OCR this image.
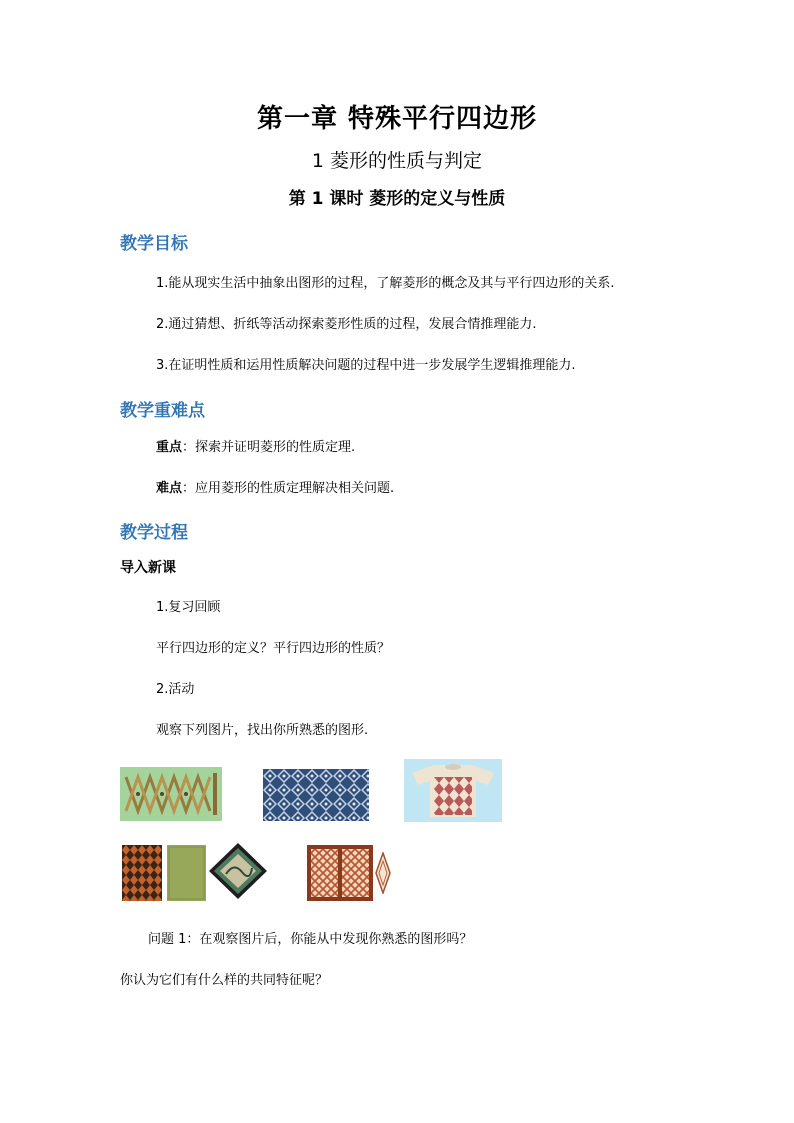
第一章 特殊平行四边形
1 菱形的性质与判定
第 1 课时 菱形的定义与性质
教学目标
1.能从现实生活中抽象出图形的过程，了解菱形的概念及其与平行四边形的关系.
2.通过猜想、折纸等活动探索菱形性质的过程，发展合情推理能力.
3.在证明性质和运用性质解决问题的过程中进一步发展学生逻辑推理能力.
教学重难点
重点：探索并证明菱形的性质定理.
难点：应用菱形的性质定理解决相关问题.
教学过程
导入新课
1.复习回顾
平行四边形的定义？平行四边形的性质？
2.活动
观察下列图片，找出你所熟悉的图形.
问题 1：在观察图片后，你能从中发现你熟悉的图形吗？
你认为它们有什么样的共同特征呢？
